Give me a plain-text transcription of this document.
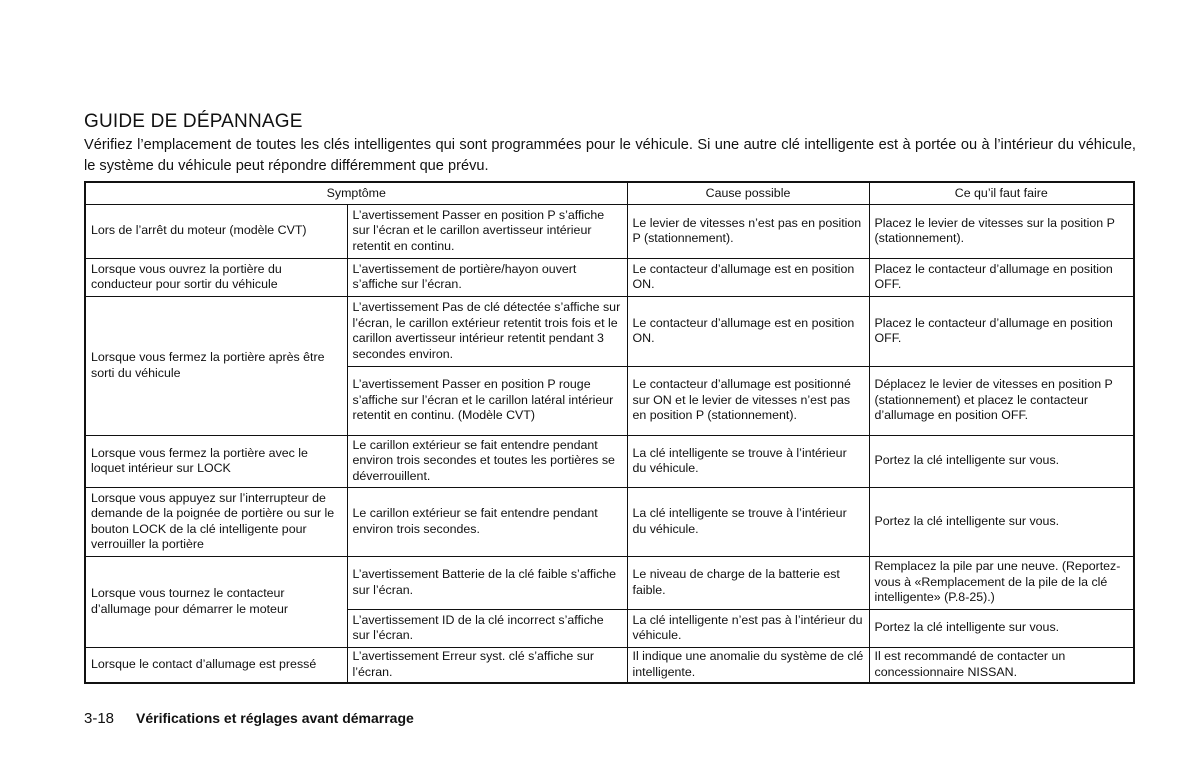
GUIDE DE DÉPANNAGE
Vérifiez l’emplacement de toutes les clés intelligentes qui sont programmées pour le véhicule. Si une autre clé intelligente est à portée ou à l’intérieur du véhicule, le système du véhicule peut répondre différemment que prévu.
Symptôme		Cause possible	Ce qu’il faut faire
Lors de l’arrêt du moteur (modèle CVT)	L’avertissement Passer en position P s’affiche sur l’écran et le carillon avertisseur intérieur retentit en continu.	Le levier de vitesses n’est pas en position P (stationnement).	Placez le levier de vitesses sur la position P (stationnement).
Lorsque vous ouvrez la portière du conducteur pour sortir du véhicule	L’avertissement de portière/hayon ouvert s’affiche sur l’écran.	Le contacteur d’allumage est en position ON.	Placez le contacteur d’allumage en position OFF.
Lorsque vous fermez la portière après être sorti du véhicule	L’avertissement Pas de clé détectée s’affiche sur l’écran, le carillon extérieur retentit trois fois et le carillon avertisseur intérieur retentit pendant 3 secondes environ.	Le contacteur d’allumage est en position ON.	Placez le contacteur d’allumage en position OFF.
	L’avertissement Passer en position P rouge s’affiche sur l’écran et le carillon latéral intérieur retentit en continu. (Modèle CVT)	Le contacteur d’allumage est positionné sur ON et le levier de vitesses n’est pas en position P (stationnement).	Déplacez le levier de vitesses en position P (stationnement) et placez le contacteur d’allumage en position OFF.
Lorsque vous fermez la portière avec le loquet intérieur sur LOCK	Le carillon extérieur se fait entendre pendant environ trois secondes et toutes les portières se déverrouillent.	La clé intelligente se trouve à l’intérieur du véhicule.	Portez la clé intelligente sur vous.
Lorsque vous appuyez sur l’interrupteur de demande de la poignée de portière ou sur le bouton LOCK de la clé intelligente pour verrouiller la portière	Le carillon extérieur se fait entendre pendant environ trois secondes.	La clé intelligente se trouve à l’intérieur du véhicule.	Portez la clé intelligente sur vous.
Lorsque vous tournez le contacteur d’allumage pour démarrer le moteur	L’avertissement Batterie de la clé faible s’affiche sur l’écran.	Le niveau de charge de la batterie est faible.	Remplacez la pile par une neuve. (Reportez-vous à «Remplacement de la pile de la clé intelligente» (P.8-25).)
	L’avertissement ID de la clé incorrect s’affiche sur l’écran.	La clé intelligente n’est pas à l’intérieur du véhicule.	Portez la clé intelligente sur vous.
Lorsque le contact d’allumage est pressé	L’avertissement Erreur syst. clé s’affiche sur l’écran.	Il indique une anomalie du système de clé intelligente.	Il est recommandé de contacter un concessionnaire NISSAN.
3-18 Vérifications et réglages avant démarrage
